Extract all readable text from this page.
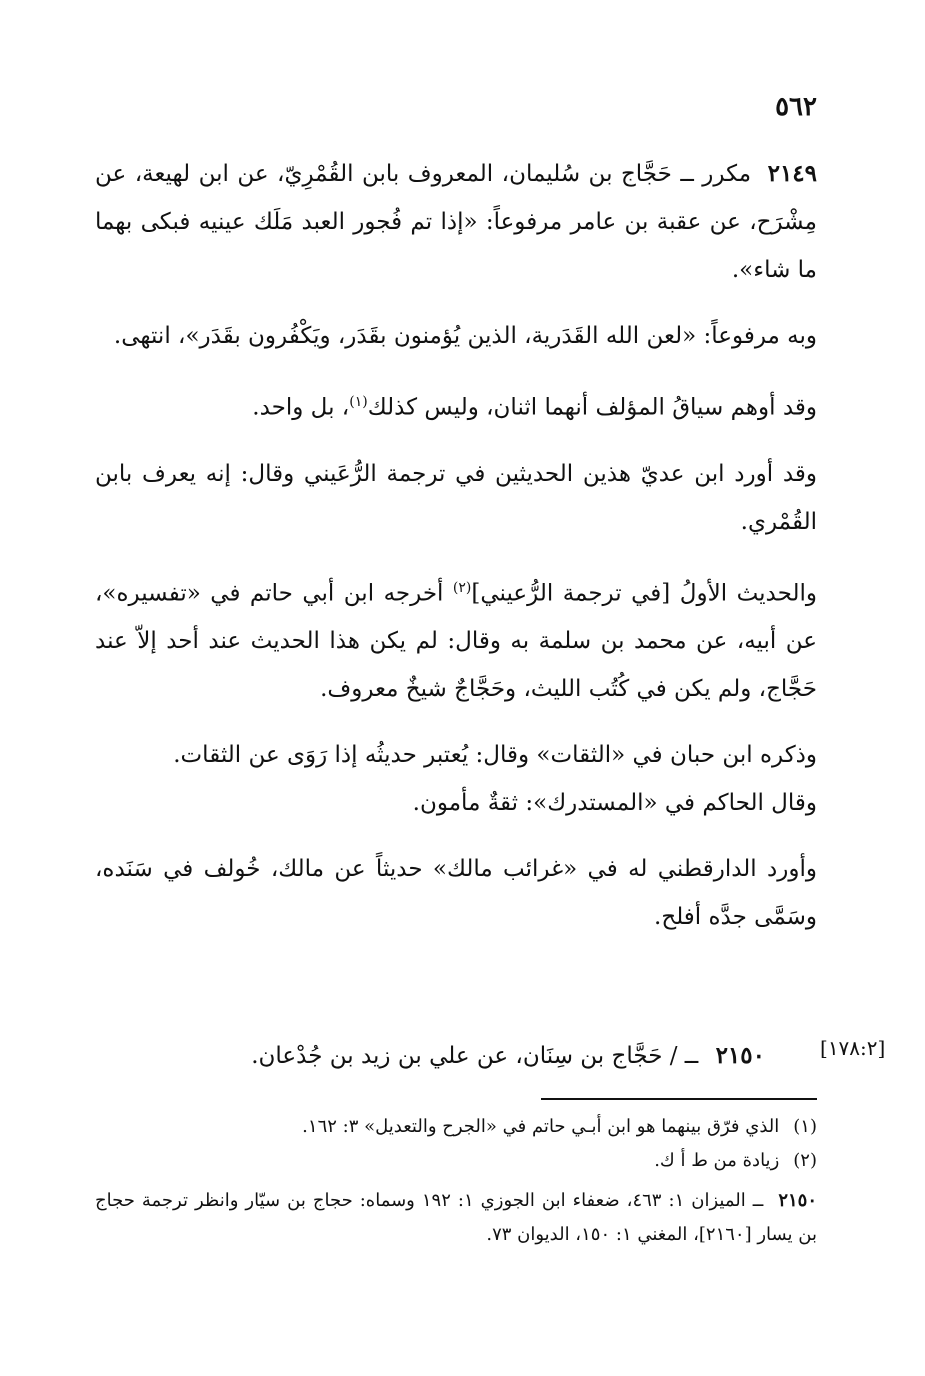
٥٦٢

٢١٤٩ مكرر ــ حَجَّاج بن سُليمان، المعروف بابن القُمْرِيّ، عن ابن لهيعة، عن مِشْرَح، عن عقبة بن عامر مرفوعاً: «إذا تم فُجور العبد مَلَك عينيه فبكى بهما ما شاء».

وبه مرفوعاً: «لعن الله القَدَرية، الذين يُؤمنون بقَدَر، ويَكْفُرون بقَدَر»، انتهى.

وقد أوهم سياقُ المؤلف أنهما اثنان، وليس كذلك$^{(١)}$، بل واحد.

وقد أورد ابن عديّ هذين الحديثين في ترجمة الرُّعَيني وقال: إنه يعرف بابن القُمْري.

والحديث الأولُ [في ترجمة الرُّعيني]$^{(٢)}$ أخرجه ابن أبي حاتم في «تفسيره»، عن أبيه، عن محمد بن سلمة به وقال: لم يكن هذا الحديث عند أحد إلاّ عند حَجَّاج، ولم يكن في كُتُب الليث، وحَجَّاجٌ شيخٌ معروف.

وذكره ابن حبان في «الثقات» وقال: يُعتبر حديثُه إذا رَوَى عن الثقات.

وقال الحاكم في «المستدرك»: ثقةٌ مأمون.

وأورد الدارقطني له في «غرائب مالك» حديثاً عن مالك، خُولف في سَنَده، وسَمَّى جدَّه أفلح.

٢١٥٠ ــ / حَجَّاج بن سِنَان، عن علي بن زيد بن جُدْعان.	[١٧٨:٢]

(١)الذي فرّق بينهما هو ابن أبـي حاتم في «الجرح والتعديل» ٣: ١٦٢.

(٢)زيادة من ط أ ك.

٢١٥٠ ــ الميزان ١: ٤٦٣، ضعفاء ابن الجوزي ١: ١٩٢ وسماه: حجاج بن سيّار وانظر ترجمة حجاج بن يسار [٢١٦٠]، المغني ١: ١٥٠، الديوان ٧٣.
